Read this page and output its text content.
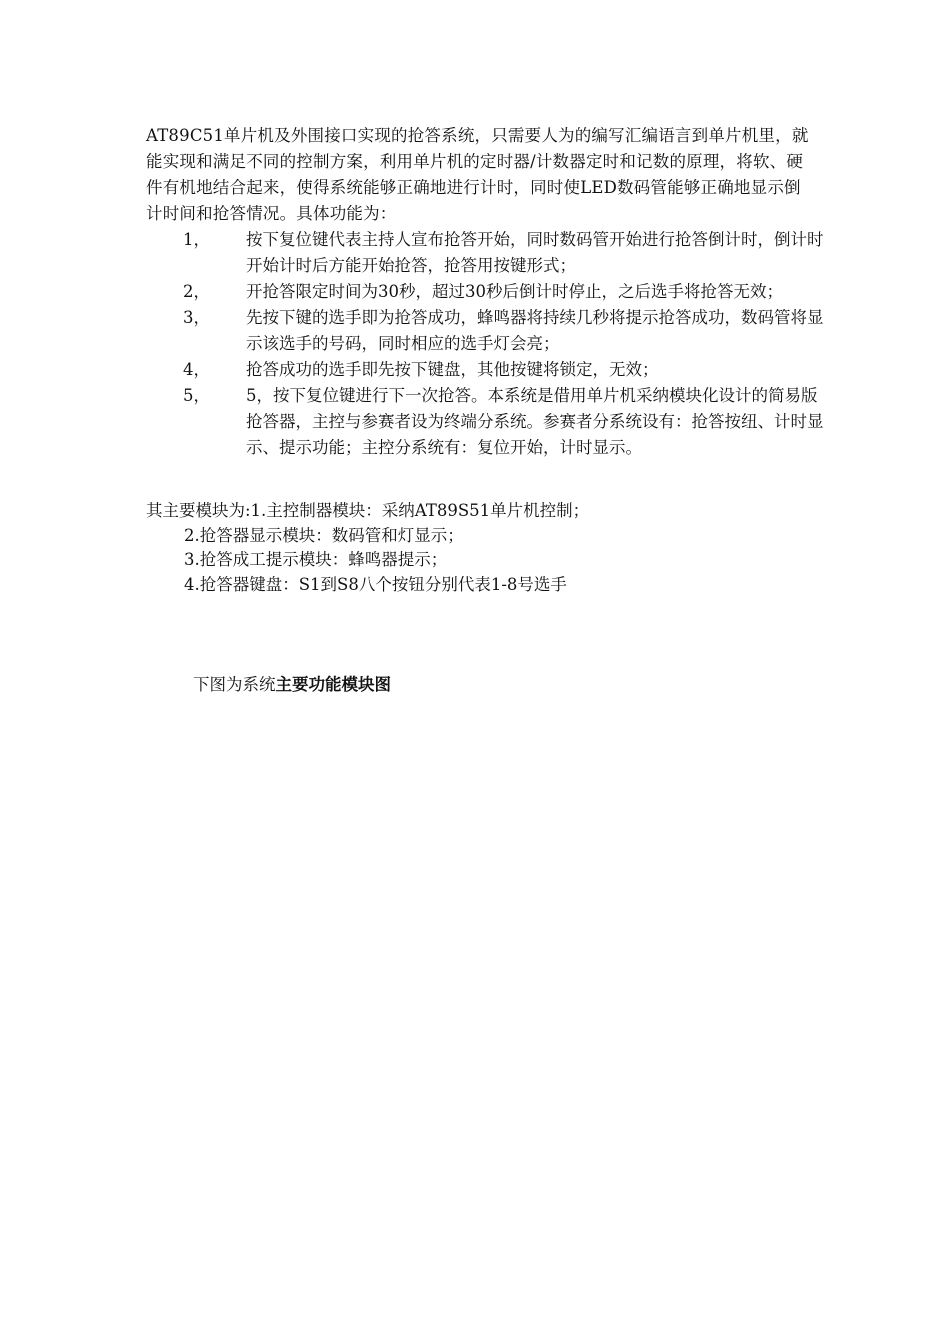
AT89C51单片机及外围接口实现的抢答系统，只需要人为的编写汇编语言到单片机里，就能实现和满足不同的控制方案，利用单片机的定时器/计数器定时和记数的原理，将软、硬件有机地结合起来，使得系统能够正确地进行计时，同时使LED数码管能够正确地显示倒计时间和抢答情况。具体功能为：

1，	按下复位键代表主持人宣布抢答开始，同时数码管开始进行抢答倒计时，倒计时开始计时后方能开始抢答，抢答用按键形式；
2，	开抢答限定时间为30秒，超过30秒后倒计时停止，之后选手将抢答无效；
3，	先按下键的选手即为抢答成功，蜂鸣器将持续几秒将提示抢答成功，数码管将显示该选手的号码，同时相应的选手灯会亮；
4，	抢答成功的选手即先按下键盘，其他按键将锁定，无效；
5，	5，按下复位键进行下一次抢答。本系统是借用单片机采纳模块化设计的简易版抢答器，主控与参赛者设为终端分系统。参赛者分系统设有：抢答按纽、计时显示、提示功能；主控分系统有：复位开始，计时显示。
其主要模块为:1.主控制器模块：采纳AT89S51单片机控制；
2.抢答器显示模块：数码管和灯显示；
3.抢答成工提示模块：蜂鸣器提示；
4.抢答器键盘：S1到S8八个按钮分别代表1-8号选手

下图为系统主要功能模块图
